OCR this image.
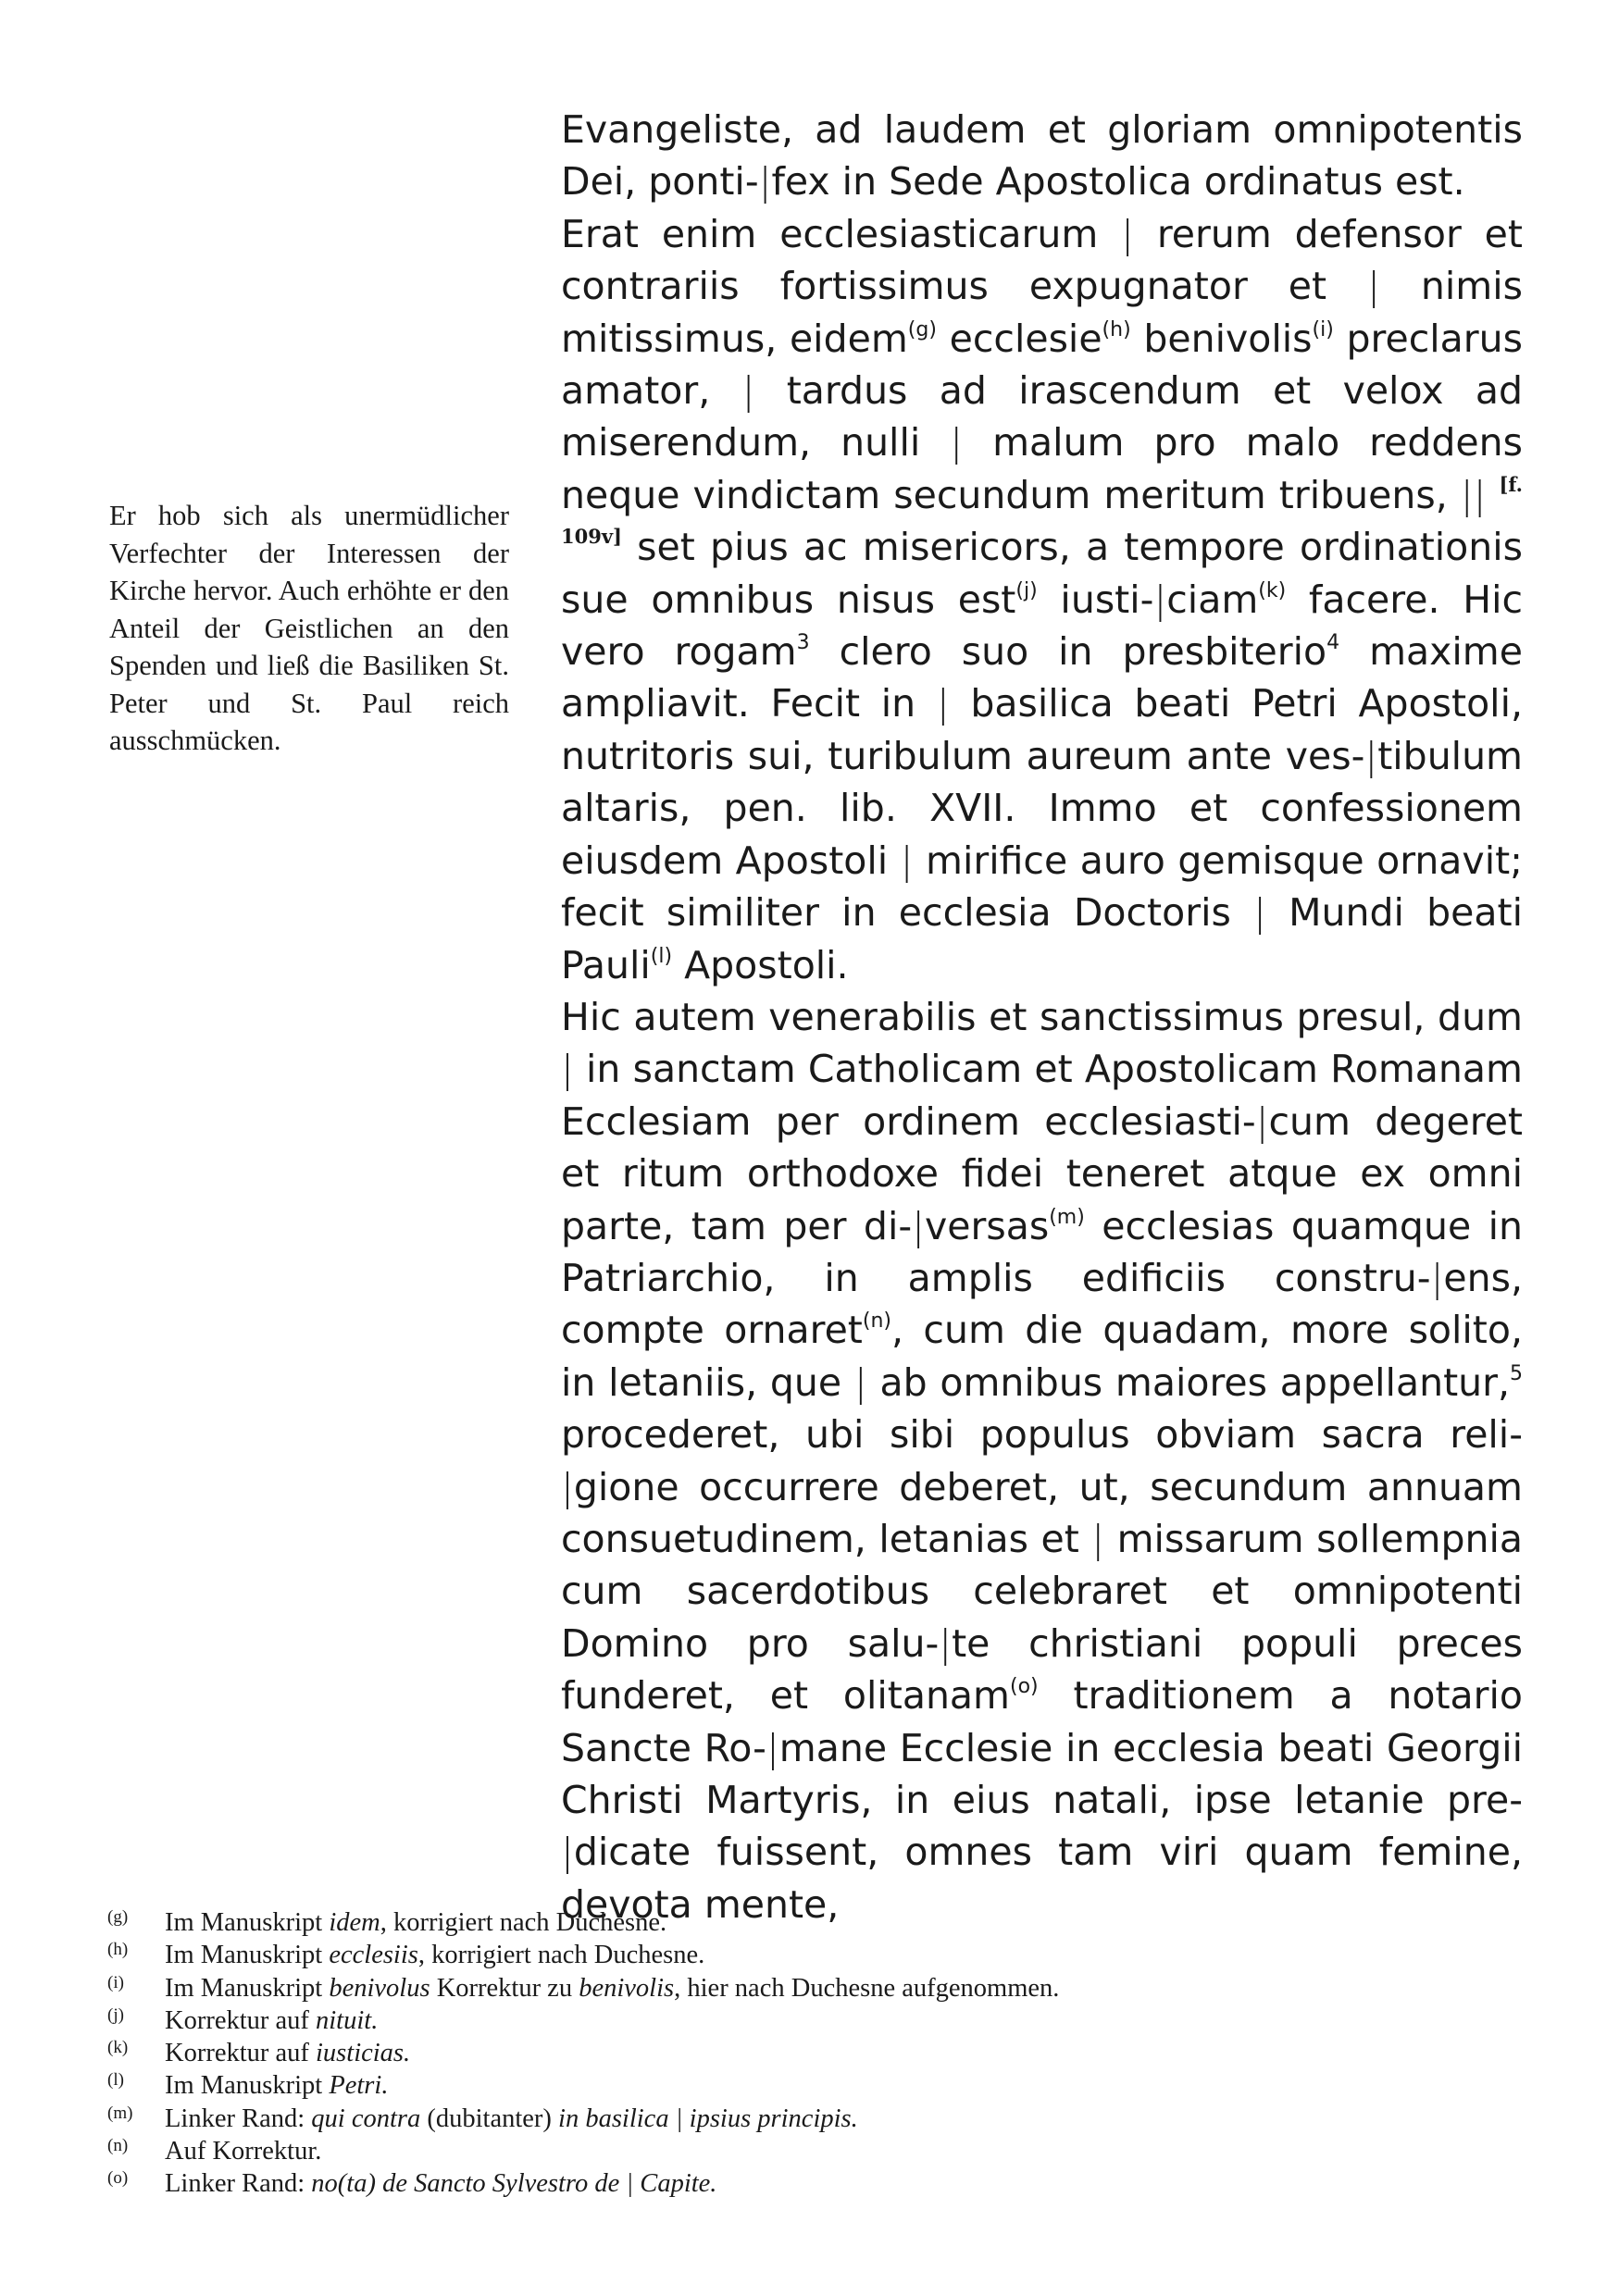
Er hob sich als unermüdlicher Verfechter der Interessen der Kirche hervor. Auch erhöhte er den Anteil der Geistlichen an den Spenden und ließ die Basiliken St. Peter und St. Paul reich ausschmücken.

Evangeliste, ad laudem et gloriam omnipotentis Dei, ponti-|fex in Sede Apostolica ordinatus est.

Erat enim ecclesiasticarum | rerum defensor et contrariis fortissimus expugnator et | nimis mitissimus, eidem$^{(g)}$ ecclesie$^{(h)}$ benivolis$^{(i)}$ preclarus amator, | tardus ad irascendum et velox ad miserendum, nulli | malum pro malo reddens neque vindictam secundum meritum tribuens, || [f. 109v] set pius ac misericors, a tempore ordinationis sue omnibus nisus est$^{(j)}$ iusti-|ciam$^{(k)}$ facere. Hic vero rogam$^3$ clero suo in presbiterio$^4$ maxime ampliavit. Fecit in | basilica beati Petri Apostoli, nutritoris sui, turibulum aureum ante ves-|tibulum altaris, pen. lib. XVII. Immo et confessionem eiusdem Apostoli | mirifice auro gemisque ornavit; fecit similiter in ecclesia Doctoris | Mundi beati Pauli$^{(l)}$ Apostoli.

Hic autem venerabilis et sanctissimus presul, dum | in sanctam Catholicam et Apostolicam Romanam Ecclesiam per ordinem ecclesiasti-|cum degeret et ritum orthodoxe fidei teneret atque ex omni parte, tam per di-|versas$^{(m)}$ ecclesias quamque in Patriarchio, in amplis edificiis constru-|ens, compte ornaret$^{(n)}$, cum die quadam, more solito, in letaniis, que | ab omnibus maiores appellantur,$^5$ procederet, ubi sibi populus obviam sacra reli-|gione occurrere deberet, ut, secundum annuam consuetudinem, letanias et | missarum sollempnia cum sacerdotibus celebraret et omnipotenti Domino pro salu-|te christiani populi preces funderet, et olitanam$^{(o)}$ traditionem a notario Sancte Ro-|mane Ecclesie in ecclesia beati Georgii Christi Martyris, in eius natali, ipse letanie pre-|dicate fuissent, omnes tam viri quam femine, devota mente,

(g)	Im Manuskript idem, korrigiert nach Duchesne.
(h)	Im Manuskript ecclesiis, korrigiert nach Duchesne.
(i)	Im Manuskript benivolus Korrektur zu benivolis, hier nach Duchesne aufgenommen.
(j)	Korrektur auf nituit.
(k)	Korrektur auf iusticias.
(l)	Im Manuskript Petri.
(m)	Linker Rand: qui contra (dubitanter) in basilica | ipsius principis.
(n)	Auf Korrektur.
(o)	Linker Rand: no(ta) de Sancto Sylvestro de | Capite.
